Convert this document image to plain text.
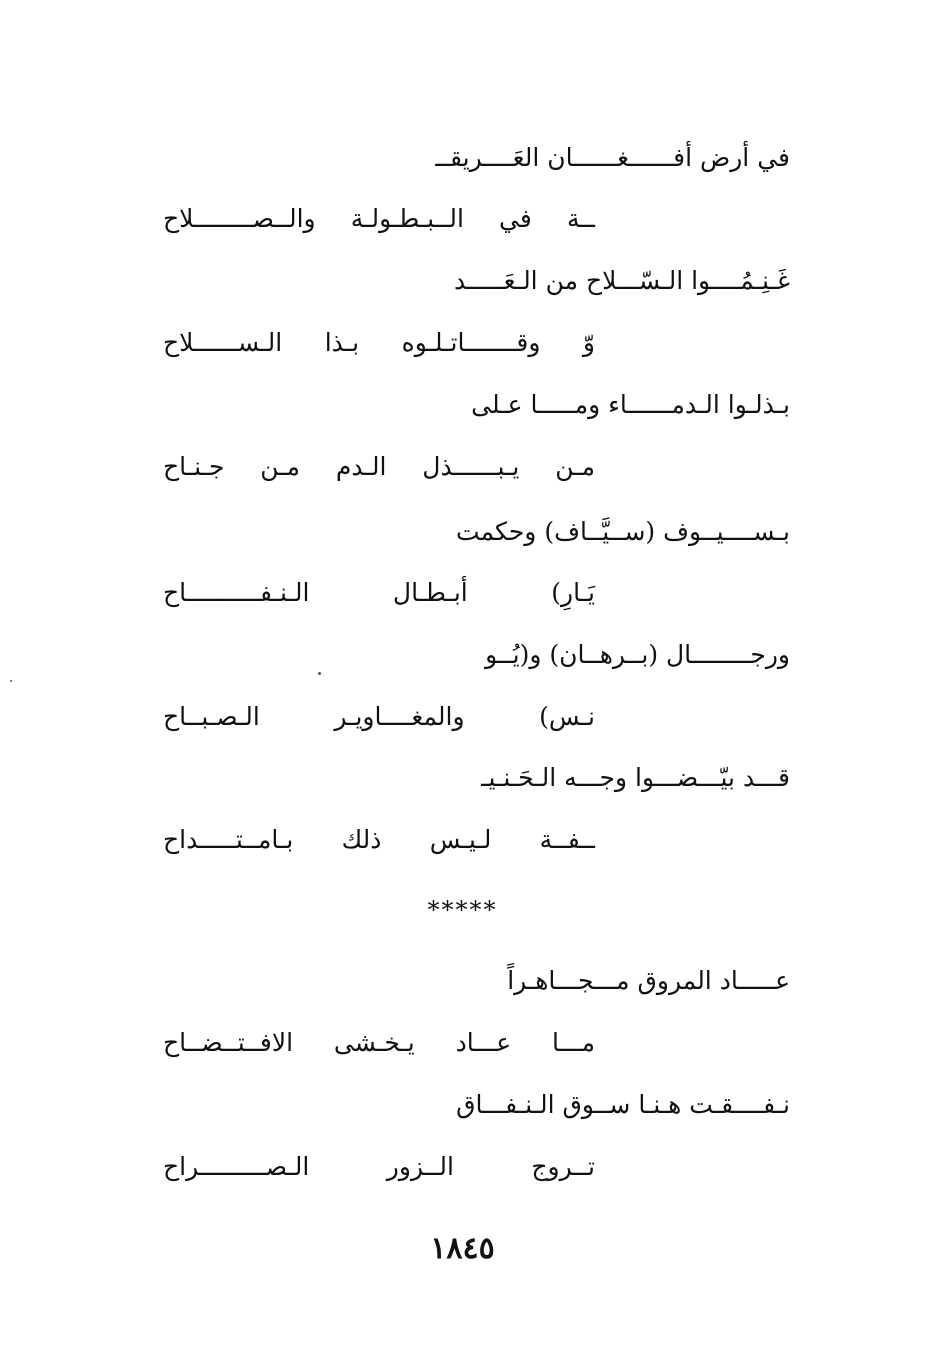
في أرض أفــــــغــــــان العَــــريقــ
ــة في الــبـطـولـة والــصــــــــلاح
غَـنِـمُــــوا الـسّـــلاح من الـعَـــــد
وّ وقـــــــاتـلـوه بـذا الـســــــلاح
بـذلـوا الـدمــــــاء ومـــــا عـلى
مـن يـبــــــذل الـدم مـن جـنـاح
بـســــيــوف (ســيَّــاف) وحكمت
يَـارِ) أبـطـال الـنـفــــــــــاح
ورجــــــــال (بــرهــان) و(يُــو
نـس) والمغــــاويـر الـصـبــاح
قـــد بيّـــضـــوا وجـــه الـحَـنـيـ
ــفــة لـيـس ذلك بـامــتـــــداح
*****
عـــــاد المروق مـــجـــاهـراً
مـــا عـــاد يـخـشى الافــتــضــاح
نـفــــقـت هـنـا ســوق الـنـفـــاق
تــروج الــزور الـصـــــــــراح
١٨٤٥
